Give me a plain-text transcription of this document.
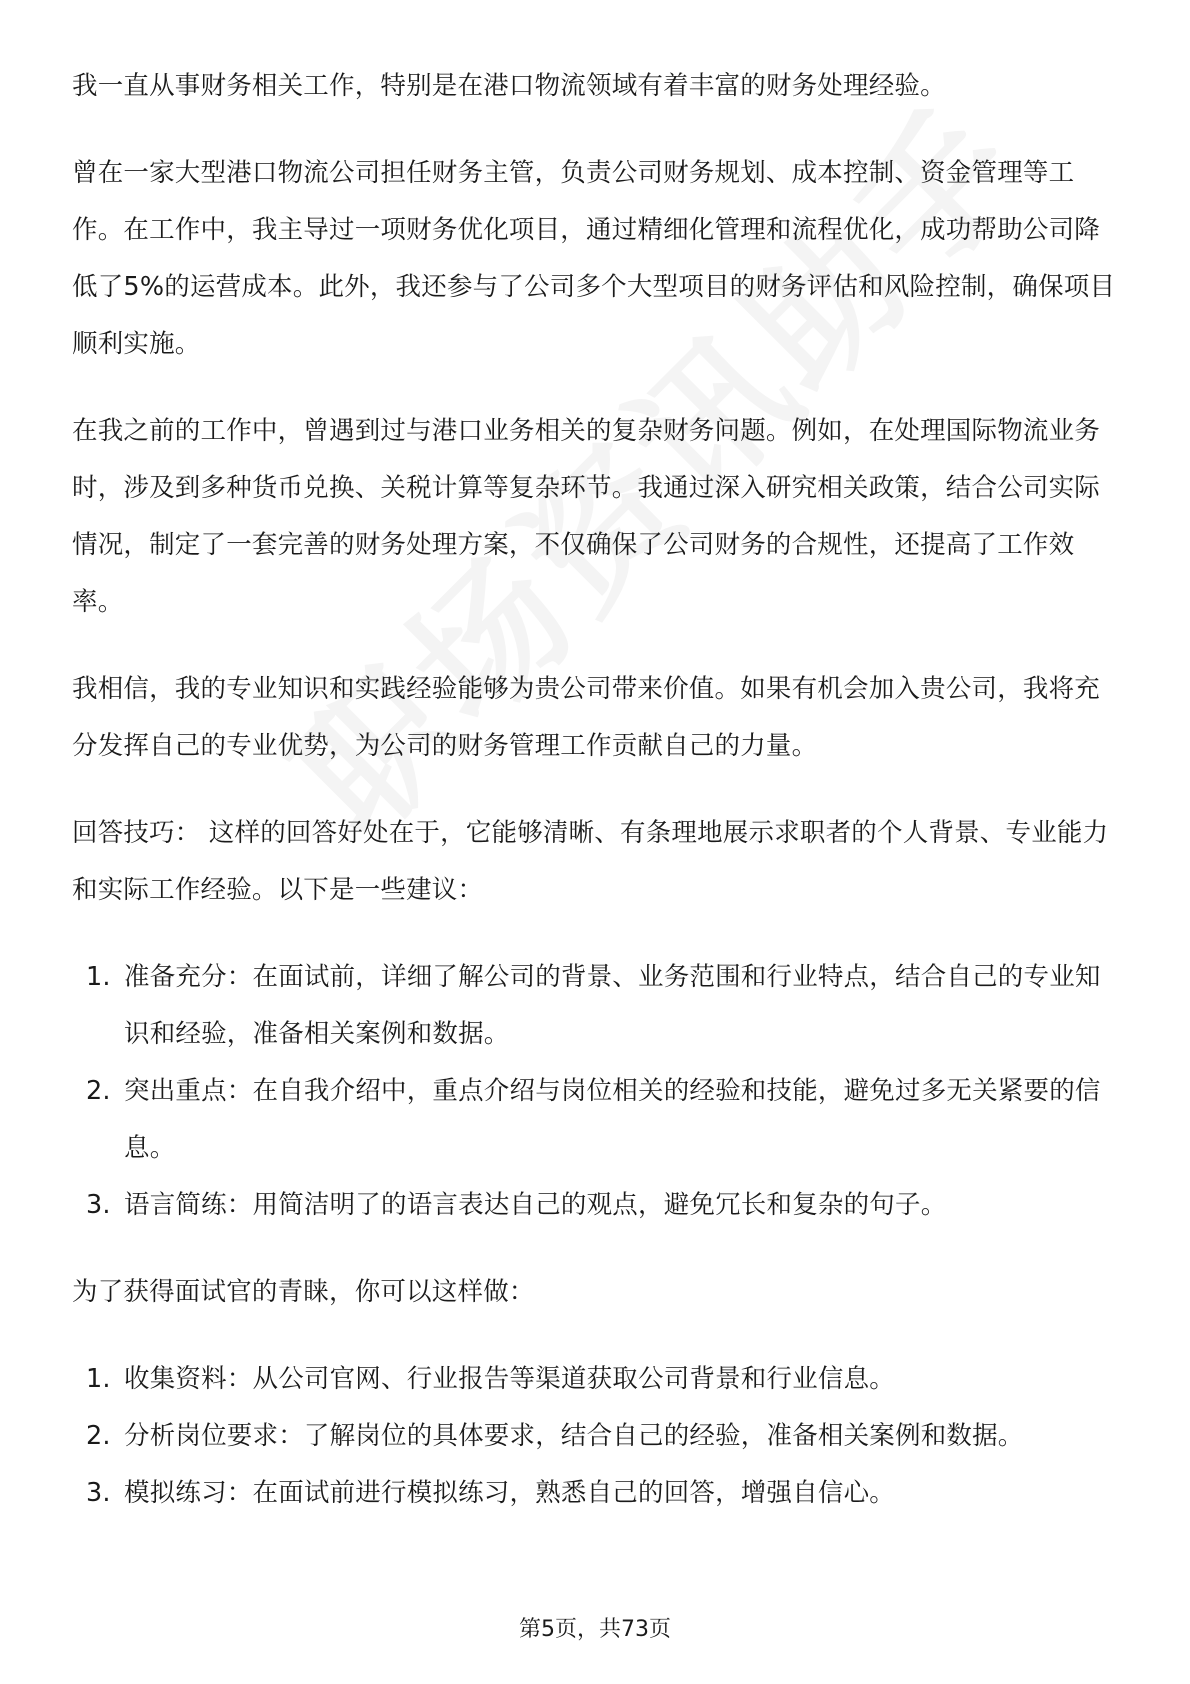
我一直从事财务相关工作，特别是在港口物流领域有着丰富的财务处理经验。

曾在一家大型港口物流公司担任财务主管，负责公司财务规划、成本控制、资金管理等工作。在工作中，我主导过一项财务优化项目，通过精细化管理和流程优化，成功帮助公司降低了5%的运营成本。此外，我还参与了公司多个大型项目的财务评估和风险控制，确保项目顺利实施。

在我之前的工作中，曾遇到过与港口业务相关的复杂财务问题。例如，在处理国际物流业务时，涉及到多种货币兑换、关税计算等复杂环节。我通过深入研究相关政策，结合公司实际情况，制定了一套完善的财务处理方案，不仅确保了公司财务的合规性，还提高了工作效率。

我相信，我的专业知识和实践经验能够为贵公司带来价值。如果有机会加入贵公司，我将充分发挥自己的专业优势，为公司的财务管理工作贡献自己的力量。

回答技巧： 这样的回答好处在于，它能够清晰、有条理地展示求职者的个人背景、专业能力和实际工作经验。以下是一些建议：

1. 准备充分：在面试前，详细了解公司的背景、业务范围和行业特点，结合自己的专业知识和经验，准备相关案例和数据。
2. 突出重点：在自我介绍中，重点介绍与岗位相关的经验和技能，避免过多无关紧要的信息。
3. 语言简练：用简洁明了的语言表达自己的观点，避免冗长和复杂的句子。

为了获得面试官的青睐，你可以这样做：

1. 收集资料：从公司官网、行业报告等渠道获取公司背景和行业信息。
2. 分析岗位要求：了解岗位的具体要求，结合自己的经验，准备相关案例和数据。
3. 模拟练习：在面试前进行模拟练习，熟悉自己的回答，增强自信心。
第5页，共73页
